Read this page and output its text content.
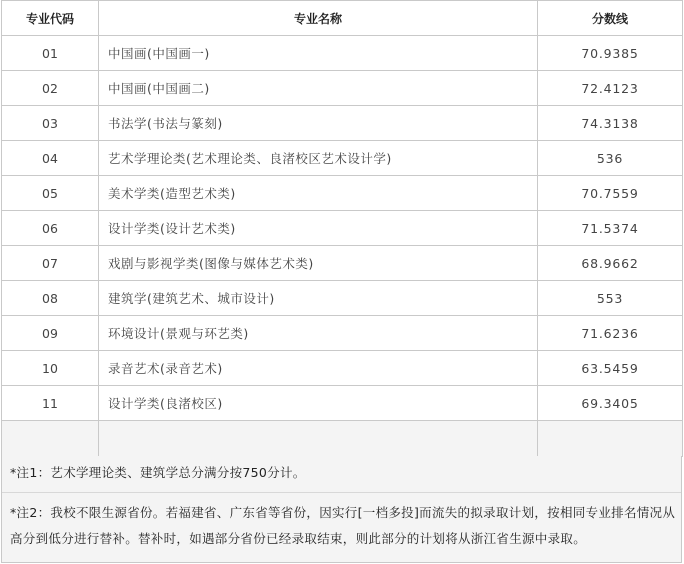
专业代码	专业名称	分数线
01	中国画(中国画一)	70.9385
02	中国画(中国画二)	72.4123
03	书法学(书法与篆刻)	74.3138
04	艺术学理论类(艺术理论类、良渚校区艺术设计学)	536
05	美术学类(造型艺术类)	70.7559
06	设计学类(设计艺术类)	71.5374
07	戏剧与影视学类(图像与媒体艺术类)	68.9662
08	建筑学(建筑艺术、城市设计)	553
09	环境设计(景观与环艺类)	71.6236
10	录音艺术(录音艺术)	63.5459
11	设计学类(良渚校区)	69.3405

*注1：艺术学理论类、建筑学总分满分按750分计。
*注2：我校不限生源省份。若福建省、广东省等省份，因实行[一档多投]而流失的拟录取计划，按相同专业排名情况从高分到低分进行替补。替补时，如遇部分省份已经录取结束，则此部分的计划将从浙江省生源中录取。
